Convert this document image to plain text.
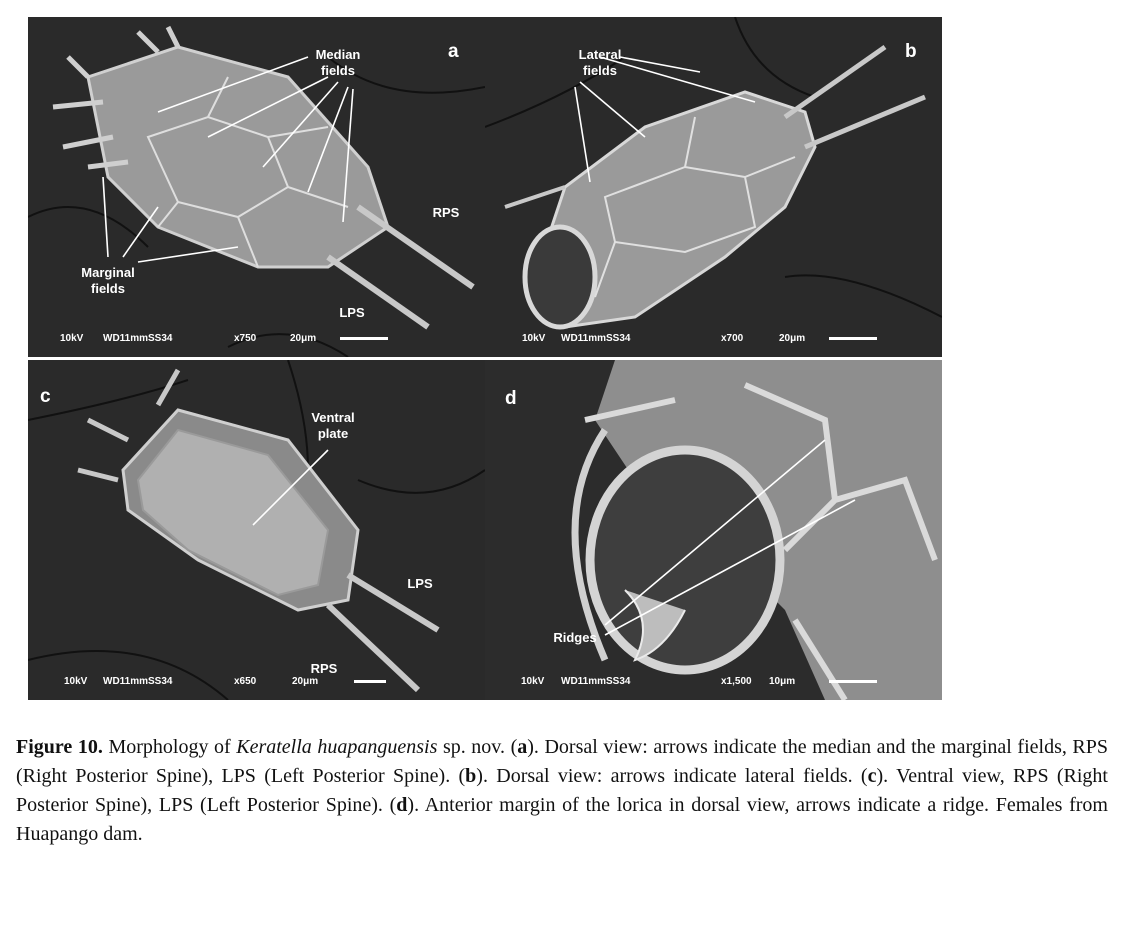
a
Median
fields
Marginal
fields
RPS
LPS
10kV WD11mmSS34	x750	20μm
b
Lateral
fields
10kV WD11mmSS34	x700	20μm
c
Ventral
plate
LPS
RPS
10kV WD11mmSS34	x650	20μm
d
Ridges
10kV WD11mmSS34	x1,500 10μm
Figure 10. Morphology of Keratella huapanguensis sp. nov. (a). Dorsal view: arrows indicate the median and the marginal fields, RPS (Right Posterior Spine), LPS (Left Posterior Spine). (b). Dorsal view: arrows indicate lateral fields. (c). Ventral view, RPS (Right Posterior Spine), LPS (Left Posterior Spine). (d). Anterior margin of the lorica in dorsal view, arrows indicate a ridge. Females from Huapango dam.
